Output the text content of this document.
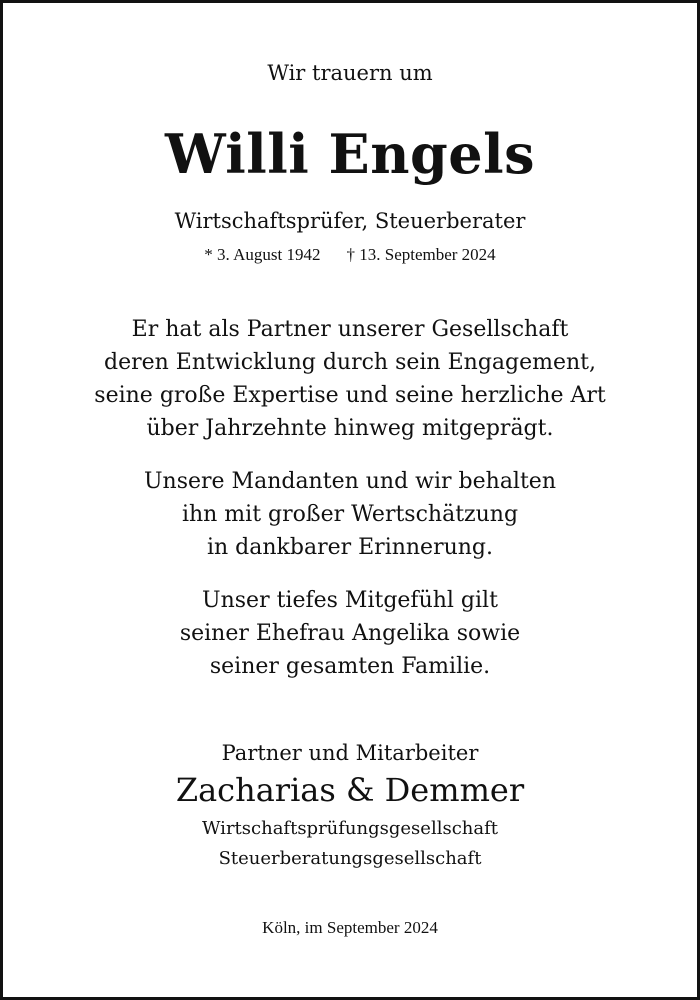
Wir trauern um
Willi Engels
Wirtschaftsprüfer, Steuerberater
* 3. August 1942 † 13. September 2024
Er hat als Partner unserer Gesellschaft
deren Entwicklung durch sein Engagement,
seine große Expertise und seine herzliche Art
über Jahrzehnte hinweg mitgeprägt.
Unsere Mandanten und wir behalten
ihn mit großer Wertschätzung
in dankbarer Erinnerung.
Unser tiefes Mitgefühl gilt
seiner Ehefrau Angelika sowie
seiner gesamten Familie.
Partner und Mitarbeiter
Zacharias & Demmer
Wirtschaftsprüfungsgesellschaft
Steuerberatungsgesellschaft
Köln, im September 2024
